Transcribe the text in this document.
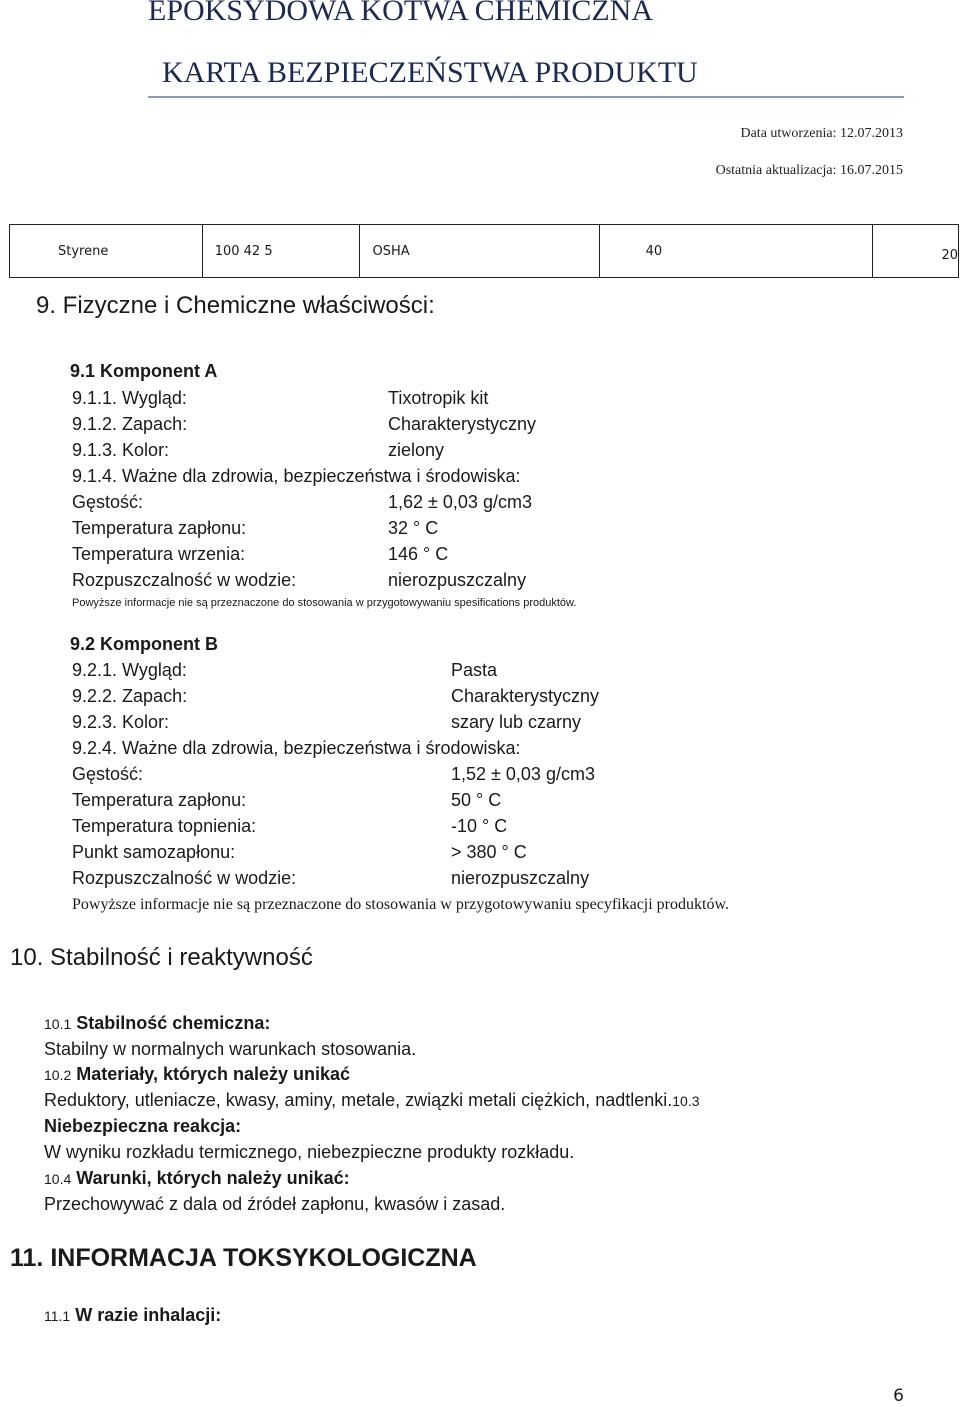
EPOKSYDOWA KOTWA CHEMICZNA
KARTA BEZPIECZEŃSTWA PRODUKTU
Data utworzenia: 12.07.2013
Ostatnia aktualizacja: 16.07.2015
Styrene	100 42 5	OSHA	40	20
9. Fizyczne i Chemiczne właściwości:
9.1 Komponent A
9.1.1. Wygląd:	Tixotropik kit
9.1.2. Zapach:	Charakterystyczny
9.1.3. Kolor:	zielony
9.1.4. Ważne dla zdrowia, bezpieczeństwa i środowiska:
Gęstość:	1,62 ± 0,03 g/cm3
Temperatura zapłonu:	32 ° C
Temperatura wrzenia:	146 ° C
Rozpuszczalność w wodzie:	nierozpuszczalny
Powyższe informacje nie są przeznaczone do stosowania w przygotowywaniu spesifications produktów.
9.2 Komponent B
9.2.1. Wygląd:	Pasta
9.2.2. Zapach:	Charakterystyczny
9.2.3. Kolor:	szary lub czarny
9.2.4. Ważne dla zdrowia, bezpieczeństwa i środowiska:
Gęstość:	1,52 ± 0,03 g/cm3
Temperatura zapłonu:	50 ° C
Temperatura topnienia:	-10 ° C
Punkt samozapłonu:	> 380 ° C
Rozpuszczalność w wodzie:	nierozpuszczalny
Powyższe informacje nie są przeznaczone do stosowania w przygotowywaniu specyfikacji produktów.
10. Stabilność i reaktywność
10.1 Stabilność chemiczna:
Stabilny w normalnych warunkach stosowania.
10.2 Materiały, których należy unikać
Reduktory, utleniacze, kwasy, aminy, metale, związki metali ciężkich, nadtlenki.10.3
Niebezpieczna reakcja:
W wyniku rozkładu termicznego, niebezpieczne produkty rozkładu.
10.4 Warunki, których należy unikać:
Przechowywać z dala od źródeł zapłonu, kwasów i zasad.
11. INFORMACJA TOKSYKOLOGICZNA
11.1 W razie inhalacji:
6
